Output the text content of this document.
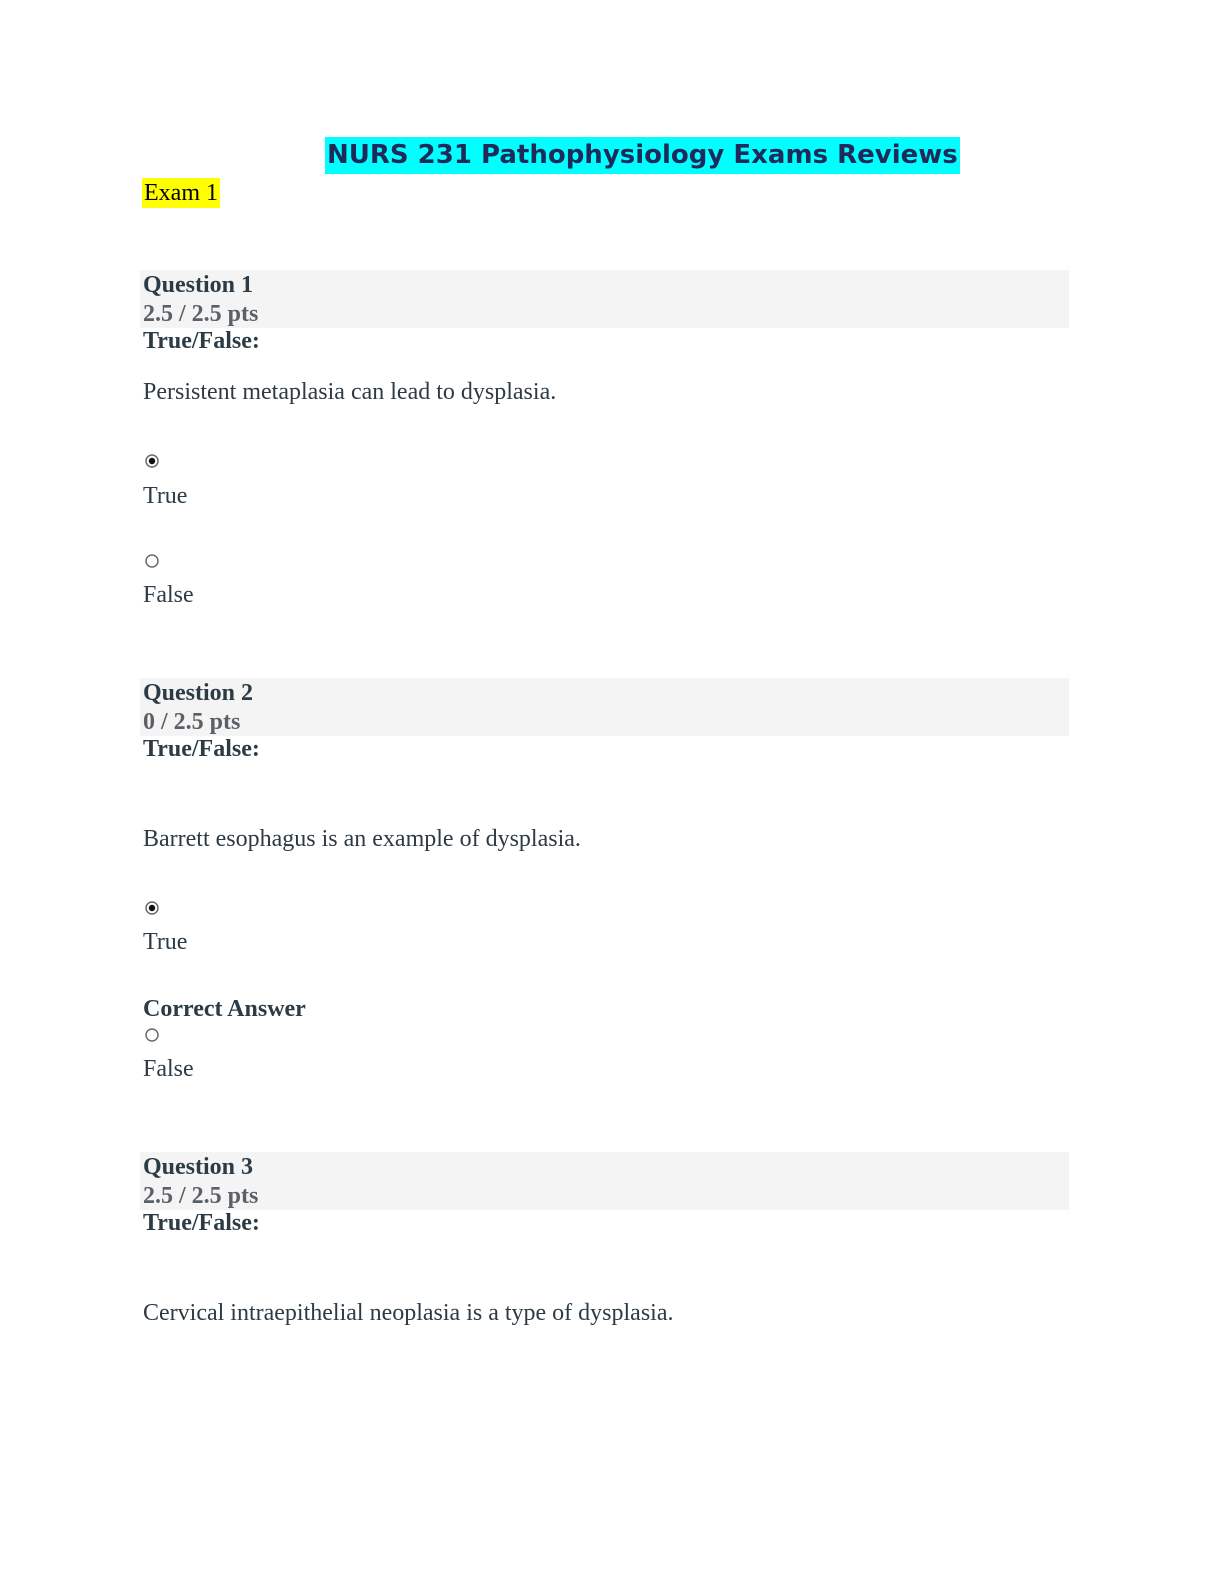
NURS 231 Pathophysiology Exams Reviews
Exam 1
Question 1
2.5 / 2.5 pts
True/False:
Persistent metaplasia can lead to dysplasia.
True
False
Question 2
0 / 2.5 pts
True/False:
Barrett esophagus is an example of dysplasia.
True
Correct Answer
False
Question 3
2.5 / 2.5 pts
True/False:
Cervical intraepithelial neoplasia is a type of dysplasia.
